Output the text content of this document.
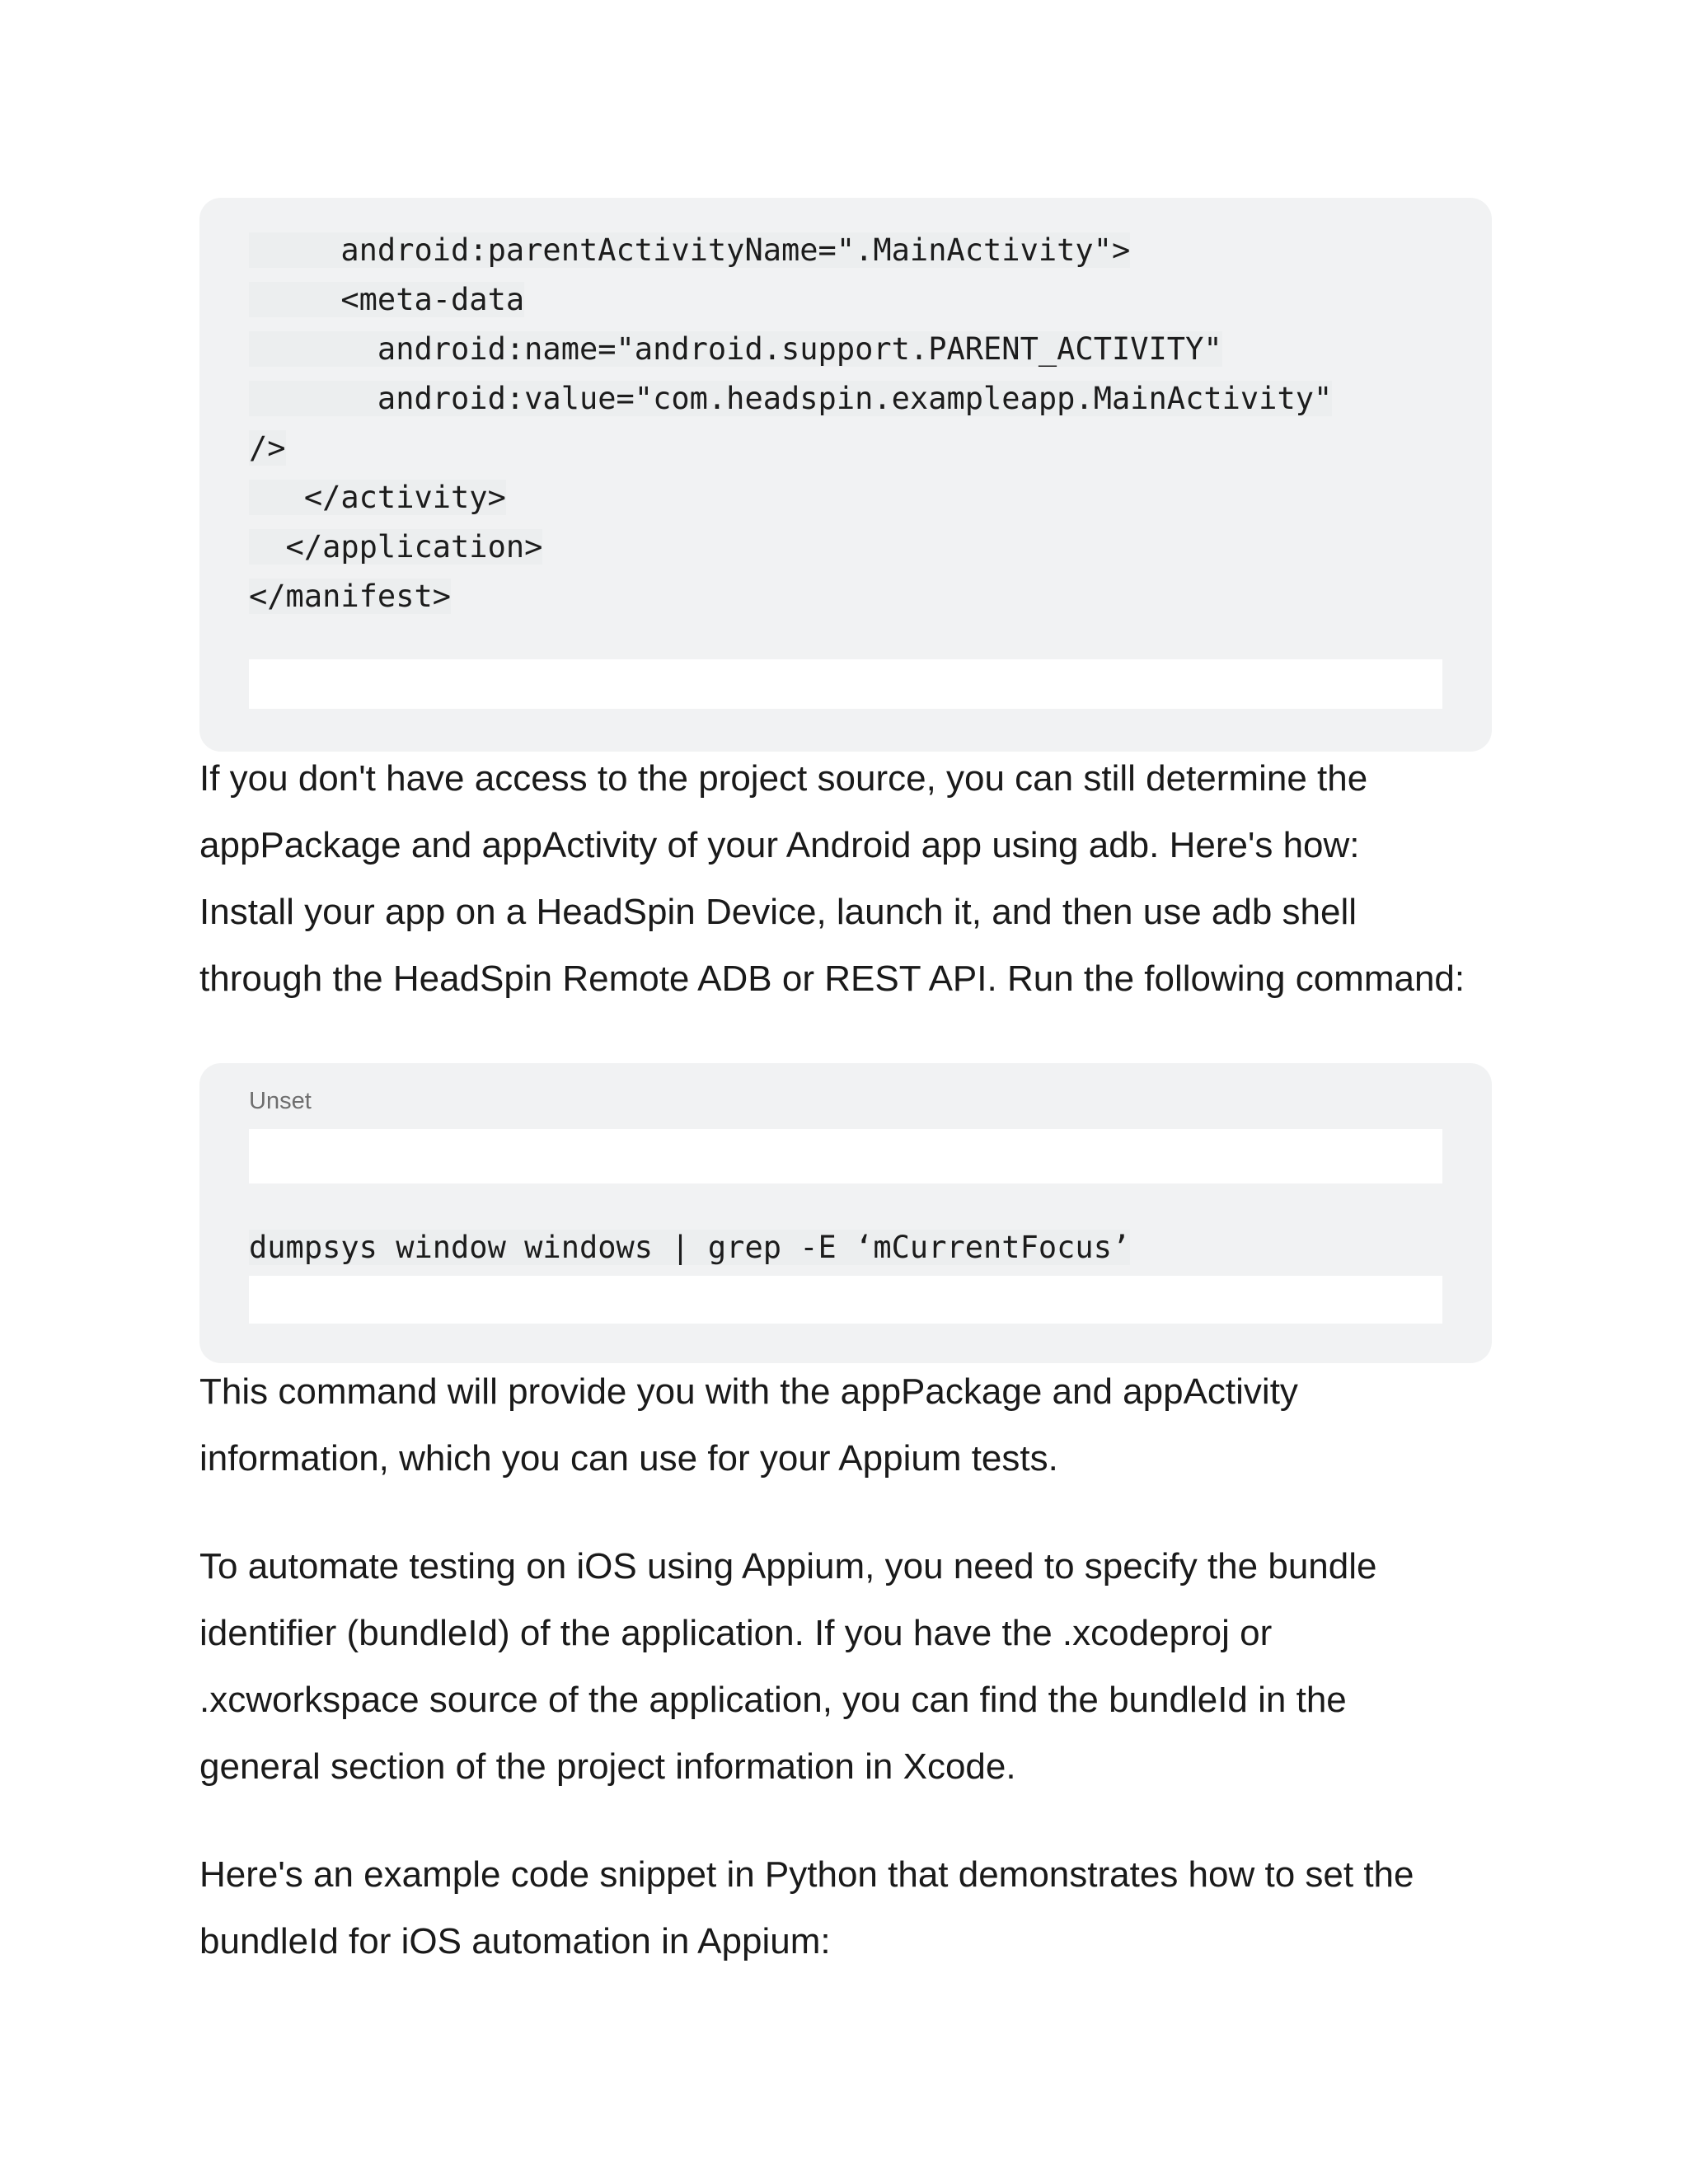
android:parentActivityName=".MainActivity">
<meta-data
android:name="android.support.PARENT_ACTIVITY"
android:value="com.headspin.exampleapp.MainActivity"
/>
</activity>
</application>
</manifest>
If you don't have access to the project source, you can still determine the
appPackage and appActivity of your Android app using adb. Here's how:
Install your app on a HeadSpin Device, launch it, and then use adb shell
through the HeadSpin Remote ADB or REST API. Run the following command:
Unset
dumpsys window windows | grep -E ‘mCurrentFocus’
This command will provide you with the appPackage and appActivity
information, which you can use for your Appium tests.
To automate testing on iOS using Appium, you need to specify the bundle
identifier (bundleId) of the application. If you have the .xcodeproj or
.xcworkspace source of the application, you can find the bundleId in the
general section of the project information in Xcode.
Here's an example code snippet in Python that demonstrates how to set the
bundleId for iOS automation in Appium:
